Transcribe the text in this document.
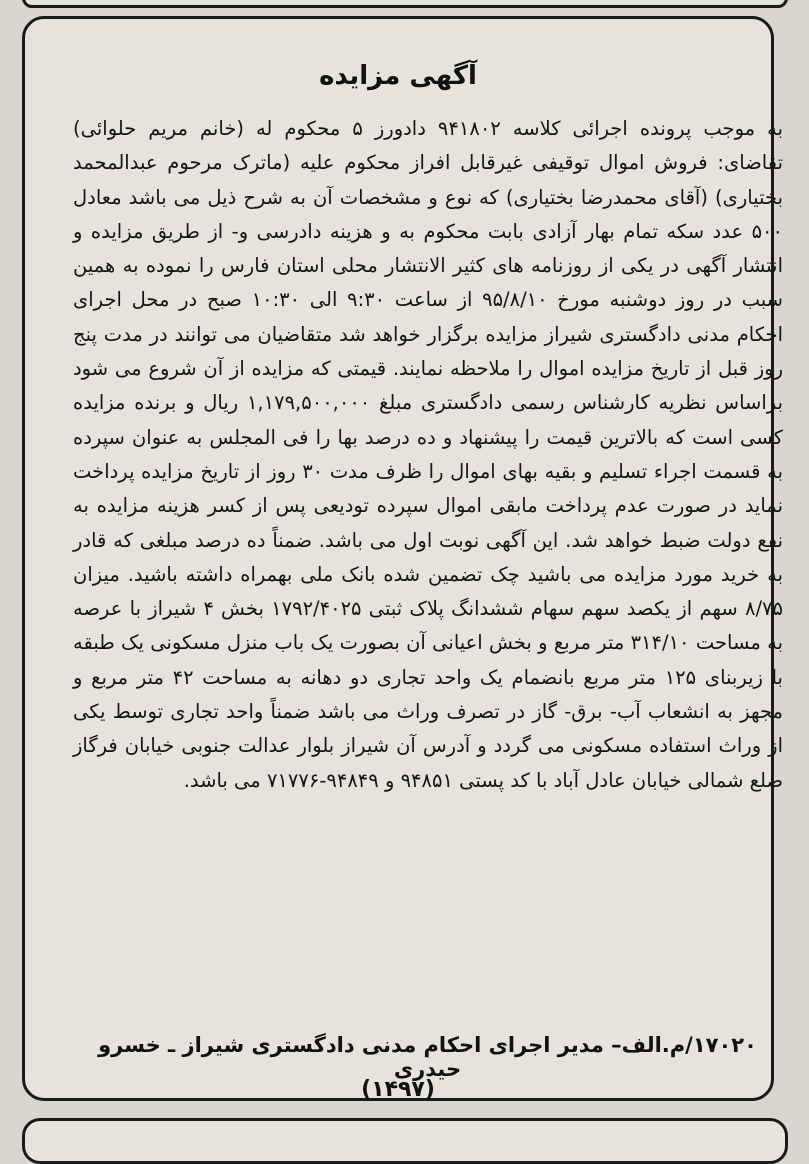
آگهی مزایده

به موجب پرونده اجرائی کلاسه ۹۴۱۸۰۲ دادورز ۵ محکوم له (خانم مریم حلوائی) تقاضای: فروش اموال توقیفی غیرقابل افراز محکوم علیه (ماترک مرحوم عبدالمحمد بختیاری) (آقای محمدرضا بختیاری) که نوع و مشخصات آن به شرح ذیل می باشد معادل ۵۰۰ عدد سکه تمام بهار آزادی بابت محکوم به و هزینه دادرسی و- از طریق مزایده و انتشار آگهی در یکی از روزنامه های کثیر الانتشار محلی استان فارس را نموده به همین سبب در روز دوشنبه مورخ ۹۵/۸/۱۰ از ساعت ۹:۳۰ الی ۱۰:۳۰ صبح در محل اجرای احکام مدنی دادگستری شیراز مزایده برگزار خواهد شد متقاضیان می توانند در مدت پنج روز قبل از تاریخ مزایده اموال را ملاحظه نمایند. قیمتی که مزایده از آن شروع می شود براساس نظریه کارشناس رسمی دادگستری مبلغ ۱,۱۷۹,۵۰۰,۰۰۰ ریال و برنده مزایده کسی است که بالاترین قیمت را پیشنهاد و ده درصد بها را فی المجلس به عنوان سپرده به قسمت اجراء تسلیم و بقیه بهای اموال را ظرف مدت ۳۰ روز از تاریخ مزایده پرداخت نماید در صورت عدم پرداخت مابقی اموال سپرده تودیعی پس از کسر هزینه مزایده به نفع دولت ضبط خواهد شد. این آگهی نوبت اول می باشد. ضمناً ده درصد مبلغی که قادر به خرید مورد مزایده می باشید چک تضمین شده بانک ملی بهمراه داشته باشید. میزان ۸/۷۵ سهم از یکصد سهم سهام ششدانگ پلاک ثبتی ۱۷۹۲/۴۰۲۵ بخش ۴ شیراز با عرصه به مساحت ۳۱۴/۱۰ متر مربع و بخش اعیانی آن بصورت یک باب منزل مسکونی یک طبقه با زیربنای ۱۲۵ متر مربع بانضمام یک واحد تجاری دو دهانه به مساحت ۴۲ متر مربع و مجهز به انشعاب آب- برق- گاز در تصرف وراث می باشد ضمناً واحد تجاری توسط یکی از وراث استفاده مسکونی می گردد و آدرس آن شیراز بلوار عدالت جنوبی خیابان فرگاز ضلع شمالی خیابان عادل آباد با کد پستی ۹۴۸۵۱ و ۹۴۸۴۹-۷۱۷۷۶ می باشد.

۱۷۰۲۰/م.الف– مدیر اجرای احکام مدنی دادگستری شیراز ـ خسرو حیدری
(۱۴۹۷)
